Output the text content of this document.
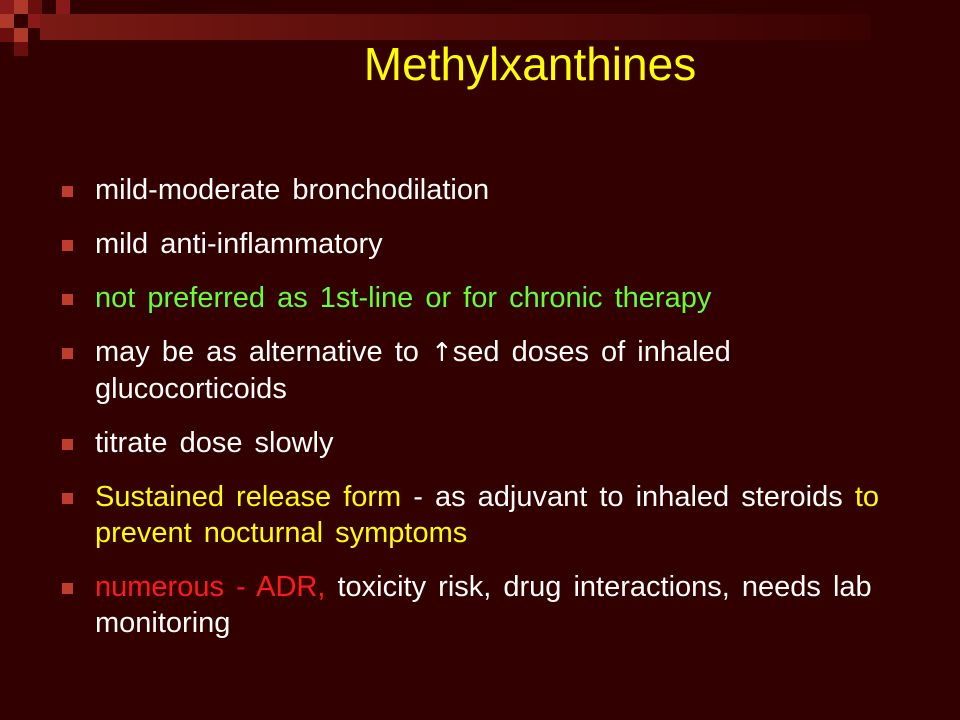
Methylxanthines
mild-moderate bronchodilation
mild anti-inflammatory
not preferred as 1st-line or for chronic therapy
may be as alternative to ↑sed doses of inhaled glucocorticoids
titrate dose slowly
Sustained release form - as adjuvant to inhaled steroids to prevent nocturnal symptoms
numerous - ADR, toxicity risk, drug interactions, needs lab monitoring
